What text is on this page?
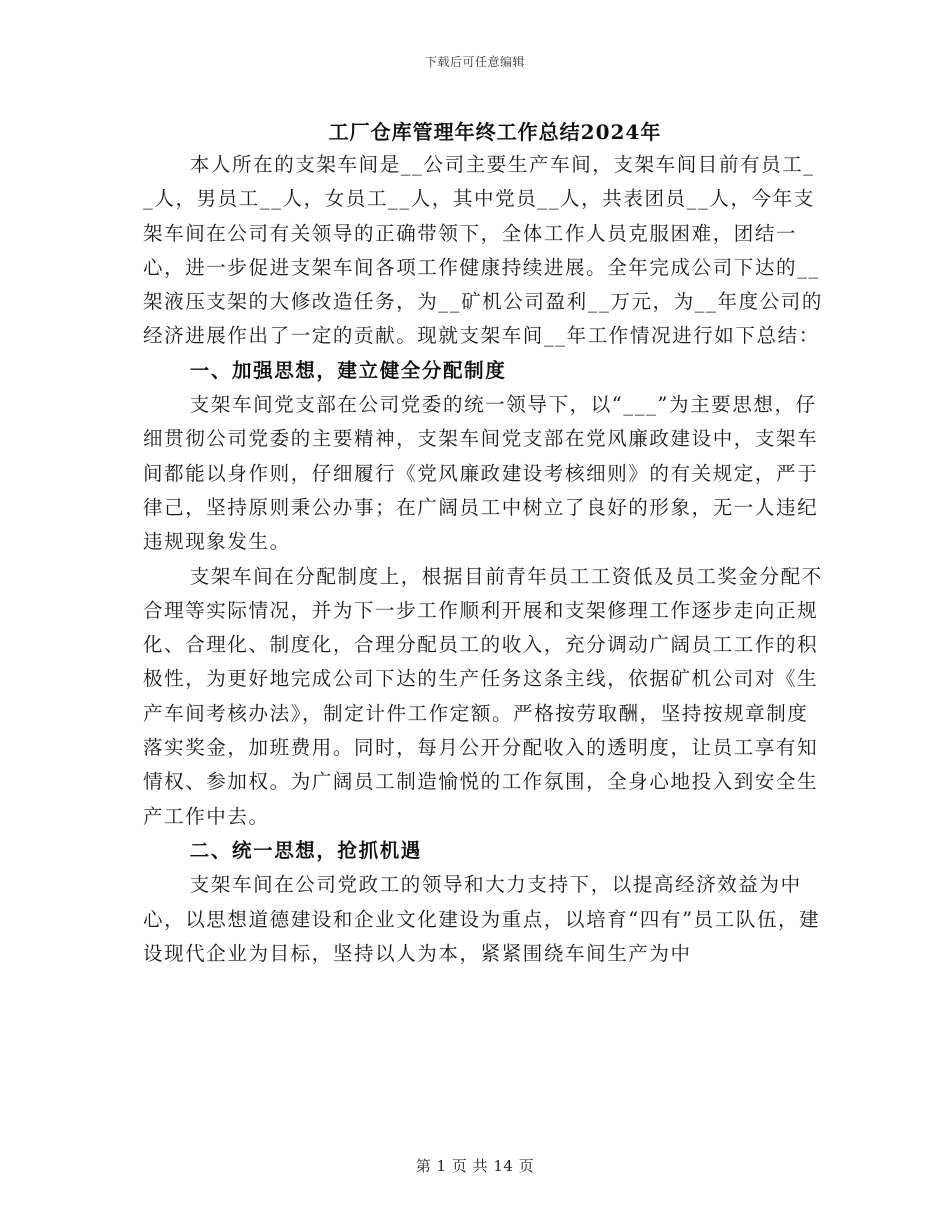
下载后可任意编辑
工厂仓库管理年终工作总结2024年

本人所在的支架车间是__公司主要生产车间，支架车间目前有员工__人，男员工__人，女员工__人，其中党员__人，共表团员__人，今年支架车间在公司有关领导的正确带领下，全体工作人员克服困难，团结一心，进一步促进支架车间各项工作健康持续进展。全年完成公司下达的__架液压支架的大修改造任务，为__矿机公司盈利__万元，为__年度公司的经济进展作出了一定的贡献。现就支架车间__年工作情况进行如下总结：

一、加强思想，建立健全分配制度

支架车间党支部在公司党委的统一领导下，以“___”为主要思想，仔细贯彻公司党委的主要精神，支架车间党支部在党风廉政建设中，支架车间都能以身作则，仔细履行《党风廉政建设考核细则》的有关规定，严于律己，坚持原则秉公办事；在广阔员工中树立了良好的形象，无一人违纪违规现象发生。

支架车间在分配制度上，根据目前青年员工工资低及员工奖金分配不合理等实际情况，并为下一步工作顺利开展和支架修理工作逐步走向正规化、合理化、制度化，合理分配员工的收入，充分调动广阔员工工作的积极性，为更好地完成公司下达的生产任务这条主线，依据矿机公司对《生产车间考核办法》，制定计件工作定额。严格按劳取酬，坚持按规章制度落实奖金，加班费用。同时，每月公开分配收入的透明度，让员工享有知情权、参加权。为广阔员工制造愉悦的工作氛围，全身心地投入到安全生产工作中去。

二、统一思想，抢抓机遇

支架车间在公司党政工的领导和大力支持下，以提高经济效益为中心，以思想道德建设和企业文化建设为重点，以培育“四有”员工队伍，建设现代企业为目标，坚持以人为本，紧紧围绕车间生产为中

第 1 页 共 14 页
